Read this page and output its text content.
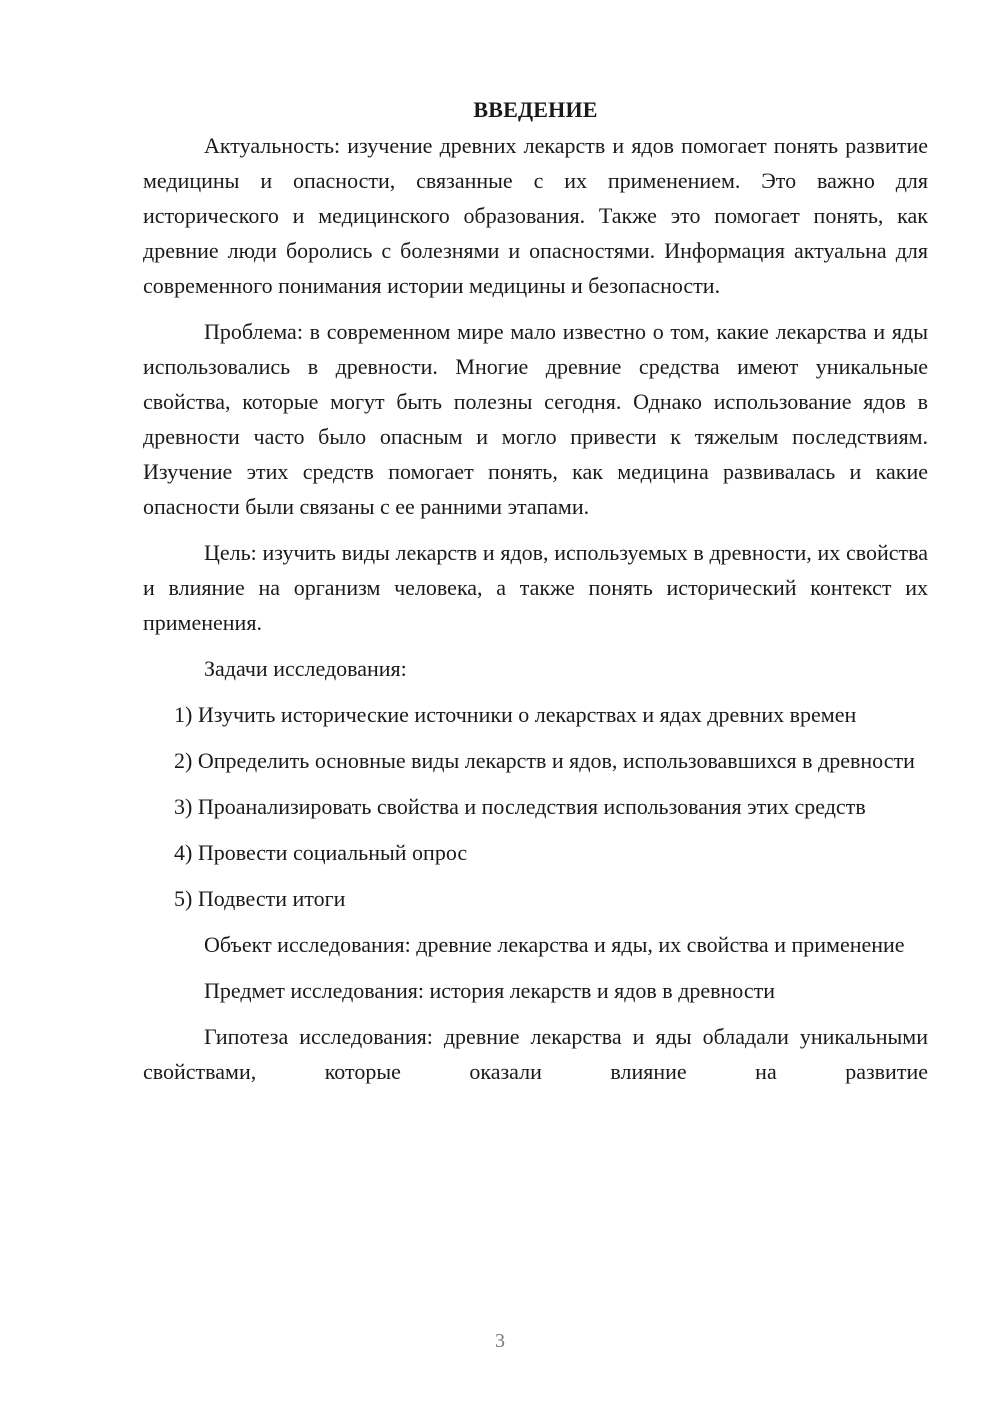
ВВЕДЕНИЕ

Актуальность: изучение древних лекарств и ядов помогает понять развитие медицины и опасности, связанные с их применением. Это важно для исторического и медицинского образования. Также это помогает понять, как древние люди боролись с болезнями и опасностями. Информация актуальна для современного понимания истории медицины и безопасности.

Проблема: в современном мире мало известно о том, какие лекарства и яды использовались в древности. Многие древние средства имеют уникальные свойства, которые могут быть полезны сегодня. Однако использование ядов в древности часто было опасным и могло привести к тяжелым последствиям. Изучение этих средств помогает понять, как медицина развивалась и какие опасности были связаны с ее ранними этапами.

Цель: изучить виды лекарств и ядов, используемых в древности, их свойства и влияние на организм человека, а также понять исторический контекст их применения.

Задачи исследования:

1) Изучить исторические источники о лекарствах и ядах древних времен

2) Определить основные виды лекарств и ядов, использовавшихся в древности

3) Проанализировать свойства и последствия использования этих средств

4) Провести социальный опрос

5) Подвести итоги

Объект исследования: древние лекарства и яды, их свойства и применение

Предмет исследования: история лекарств и ядов в древности

Гипотеза исследования: древние лекарства и яды обладали уникальными свойствами, которые оказали влияние на развитие

3
